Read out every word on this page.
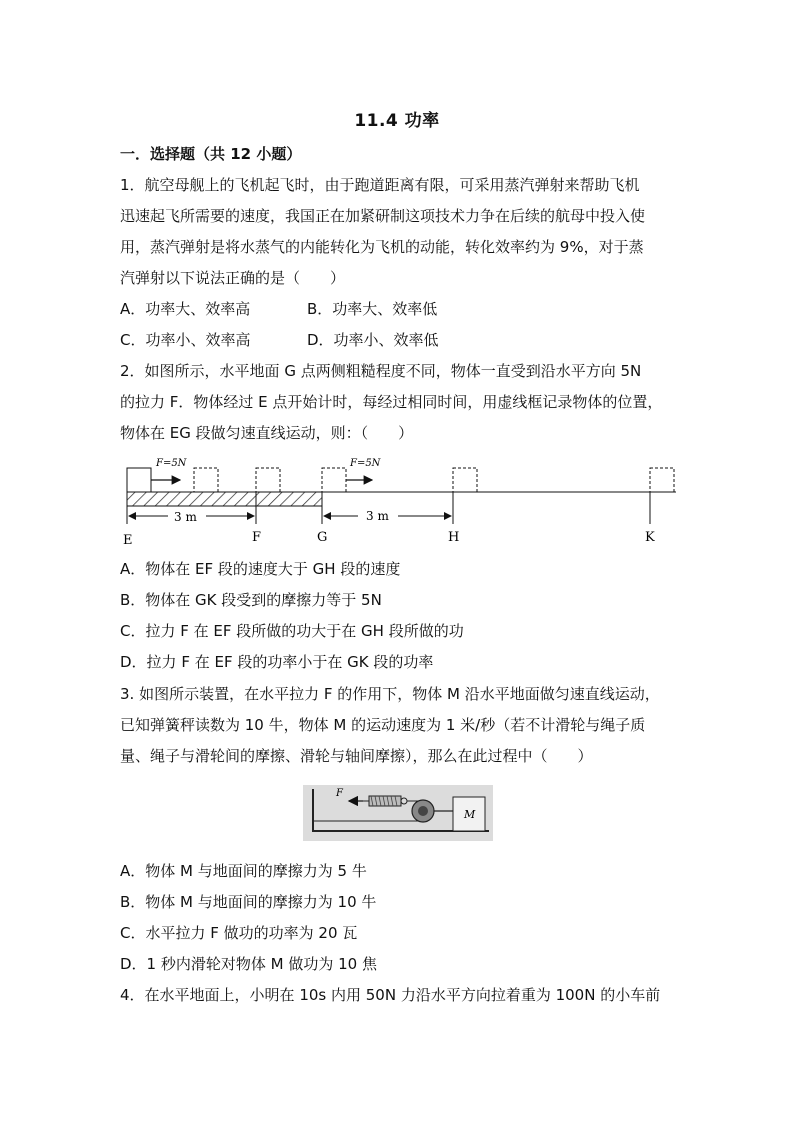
11.4 功率
一．选择题（共 12 小题）
1．航空母舰上的飞机起飞时，由于跑道距离有限，可采用蒸汽弹射来帮助飞机
迅速起飞所需要的速度，我国正在加紧研制这项技术力争在后续的航母中投入使
用，蒸汽弹射是将水蒸气的内能转化为飞机的动能，转化效率约为 9%，对于蒸
汽弹射以下说法正确的是（　　）
A．功率大、效率高	B．功率大、效率低
C．功率小、效率高	D．功率小、效率低
2．如图所示，水平地面 G 点两侧粗糙程度不同，物体一直受到沿水平方向 5N
的拉力 F．物体经过 E 点开始计时，每经过相同时间，用虚线框记录物体的位置，
物体在 EG 段做匀速直线运动，则：（　　）
F=5N	F=5N
3 m	3 m
E	F	G	H	K
A．物体在 EF 段的速度大于 GH 段的速度
B．物体在 GK 段受到的摩擦力等于 5N
C．拉力 F 在 EF 段所做的功大于在 GH 段所做的功
D．拉力 F 在 EF 段的功率小于在 GK 段的功率
3. 如图所示装置，在水平拉力 F 的作用下，物体 M 沿水平地面做匀速直线运动，
已知弹簧秤读数为 10 牛，物体 M 的运动速度为 1 米/秒（若不计滑轮与绳子质
量、绳子与滑轮间的摩擦、滑轮与轴间摩擦），那么在此过程中（　　）
F
M
A．物体 M 与地面间的摩擦力为 5 牛
B．物体 M 与地面间的摩擦力为 10 牛
C．水平拉力 F 做功的功率为 20 瓦
D．1 秒内滑轮对物体 M 做功为 10 焦
4．在水平地面上，小明在 10s 内用 50N 力沿水平方向拉着重为 100N 的小车前
